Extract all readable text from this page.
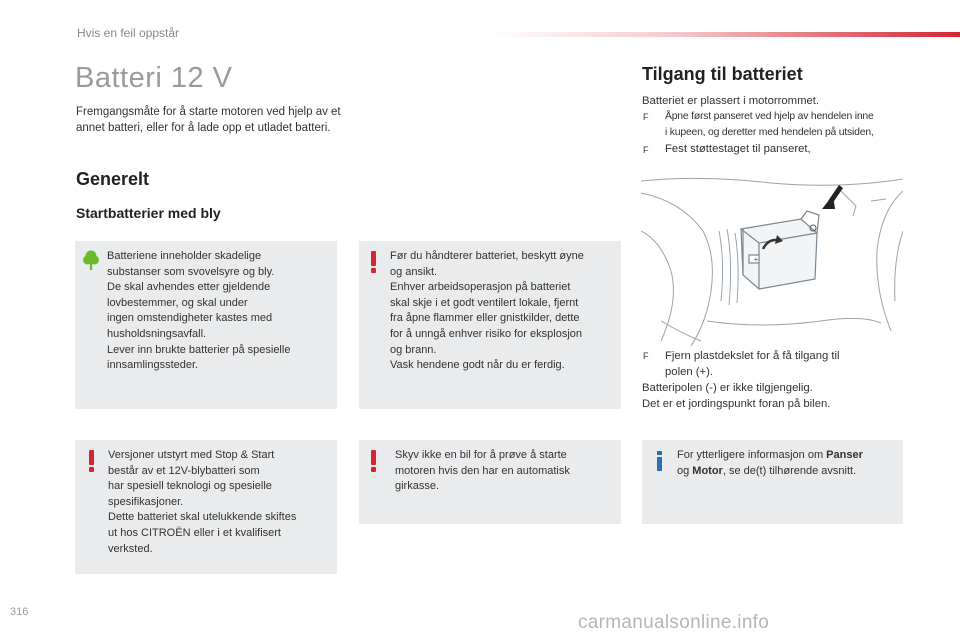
Hvis en feil oppstår
Batteri 12 V
Fremgangsmåte for å starte motoren ved hjelp av et annet batteri, eller for å lade opp et utladet batteri.
Generelt
Startbatterier med bly
Batteriene inneholder skadelige
substanser som svovelsyre og bly.
De skal avhendes etter gjeldende
lovbestemmer, og skal under
ingen omstendigheter kastes med
husholdsningsavfall.
Lever inn brukte batterier på spesielle
innsamlingssteder.
Før du håndterer batteriet, beskytt øyne
og ansikt.
Enhver arbeidsoperasjon på batteriet
skal skje i et godt ventilert lokale, fjernt
fra åpne flammer eller gnistkilder, dette
for å unngå enhver risiko for eksplosjon
og brann.
Vask hendene godt når du er ferdig.
Versjoner utstyrt med Stop & Start
består av et 12V-blybatteri som
har spesiell teknologi og spesielle
spesifikasjoner.
Dette batteriet skal utelukkende skiftes
ut hos CITROËN eller i et kvalifisert
verksted.
Skyv ikke en bil for å prøve å starte
motoren hvis den har en automatisk
girkasse.
For ytterligere informasjon om Panser
og Motor, se de(t) tilhørende avsnitt.
Tilgang til batteriet
Batteriet er plassert i motorrommet.
F Åpne først panseret ved hjelp av hendelen inne
i kupeen, og deretter med hendelen på utsiden,
F Fest støttestaget til panseret,
+
F Fjern plastdekslet for å få tilgang til
polen (+).
Batteripolen (-) er ikke tilgjengelig.
Det er et jordingspunkt foran på bilen.
316	carmanualsonline.info
